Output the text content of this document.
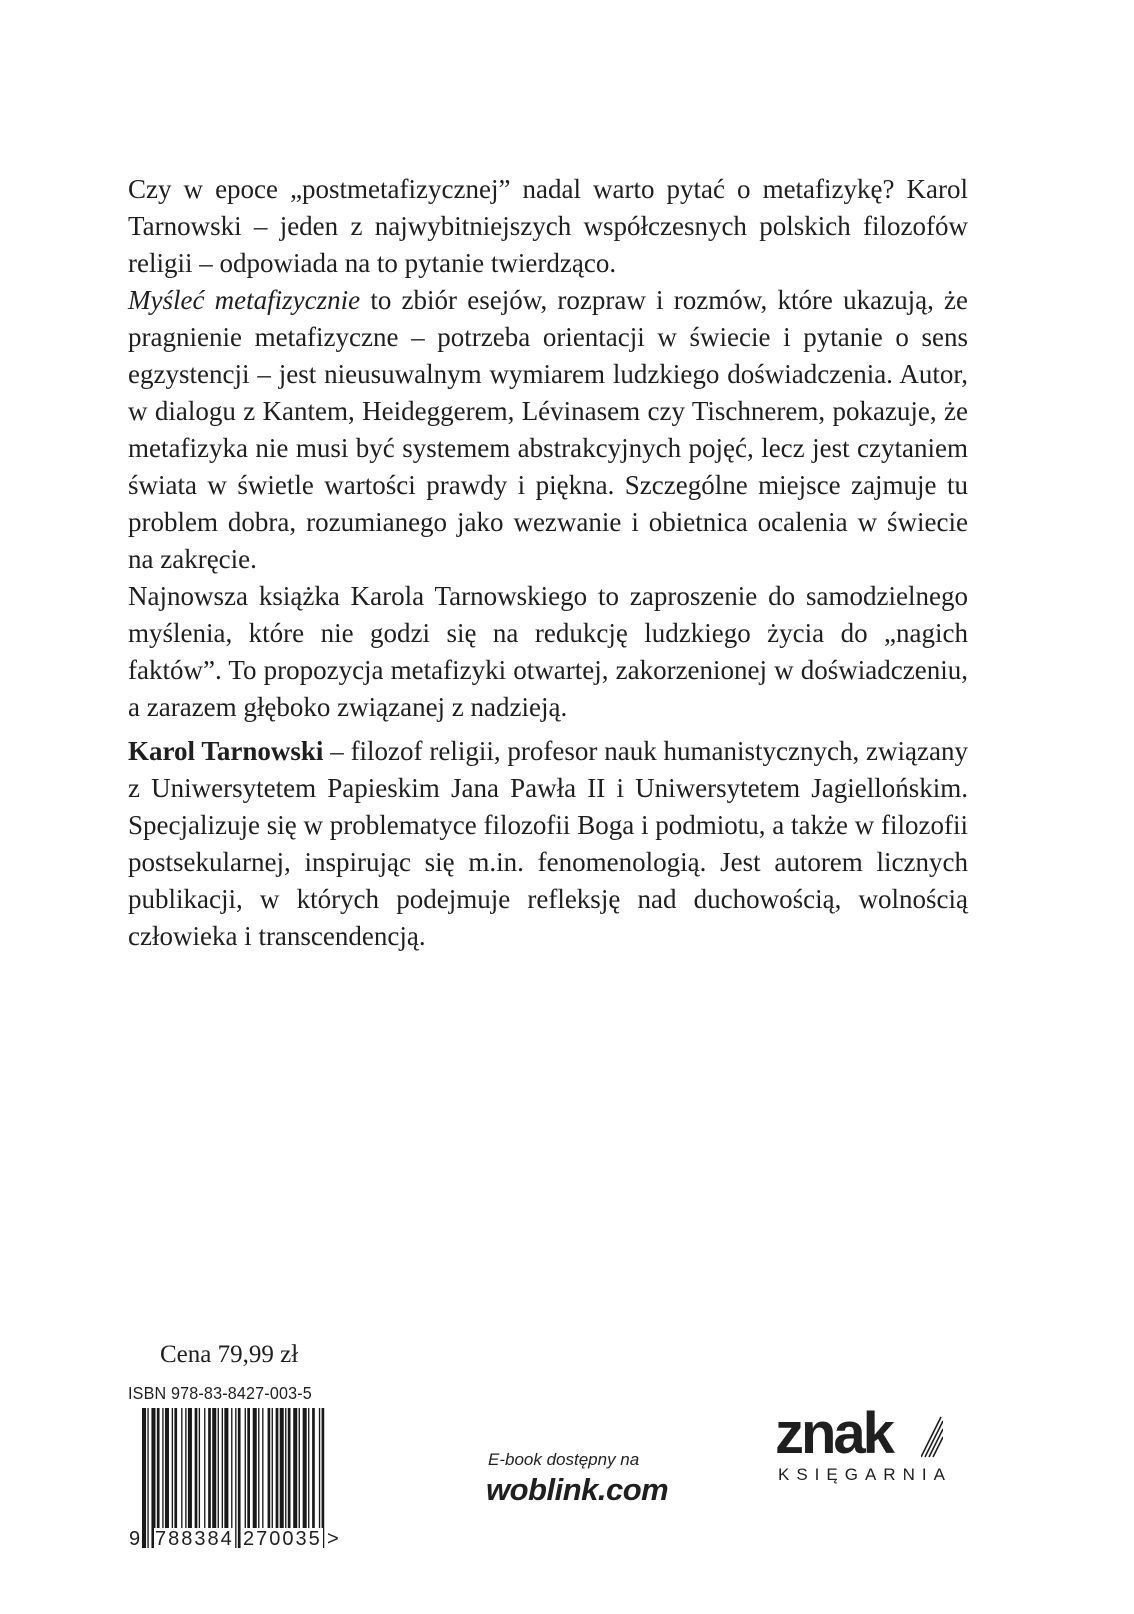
Czy w epoce „postmetafizycznej” nadal warto pytać o metafizykę? Karol Tarnowski – jeden z najwybitniejszych współczesnych polskich filozofów religii – odpowiada na to pytanie twierdząco.

Myśleć metafizycznie to zbiór esejów, rozpraw i rozmów, które ukazują, że pragnienie metafizyczne – potrzeba orientacji w świecie i pytanie o sens egzystencji – jest nieusuwalnym wymiarem ludzkiego doświadczenia. Autor, w dialogu z Kantem, Heideggerem, Lévinasem czy Tischnerem, pokazuje, że metafizyka nie musi być systemem abstrakcyjnych pojęć, lecz jest czytaniem świata w świetle wartości prawdy i piękna. Szczególne miejsce zajmuje tu problem dobra, rozumianego jako wezwanie i obietnica ocalenia w świecie na zakręcie.

Najnowsza książka Karola Tarnowskiego to zaproszenie do samodzielnego myślenia, które nie godzi się na redukcję ludzkiego życia do „nagich faktów”. To propozycja metafizyki otwartej, zakorzenionej w doświadczeniu, a zarazem głęboko związanej z nadzieją.

Karol Tarnowski – filozof religii, profesor nauk humanistycznych, związany z Uniwersytetem Papieskim Jana Pawła II i Uniwersytetem Jagiellońskim. Specjalizuje się w problematyce filozofii Boga i podmiotu, a także w filozofii postsekularnej, inspirując się m.in. fenomenologią. Jest autorem licznych publikacji, w których podejmuje refleksję nad duchowością, wolnością człowieka i transcendencją.

Cena 79,99 zł
ISBN 978-83-8427-003-5
9 788384 270035 >
E-book dostępny na
woblink.com
znak
KSIĘGARNIA
